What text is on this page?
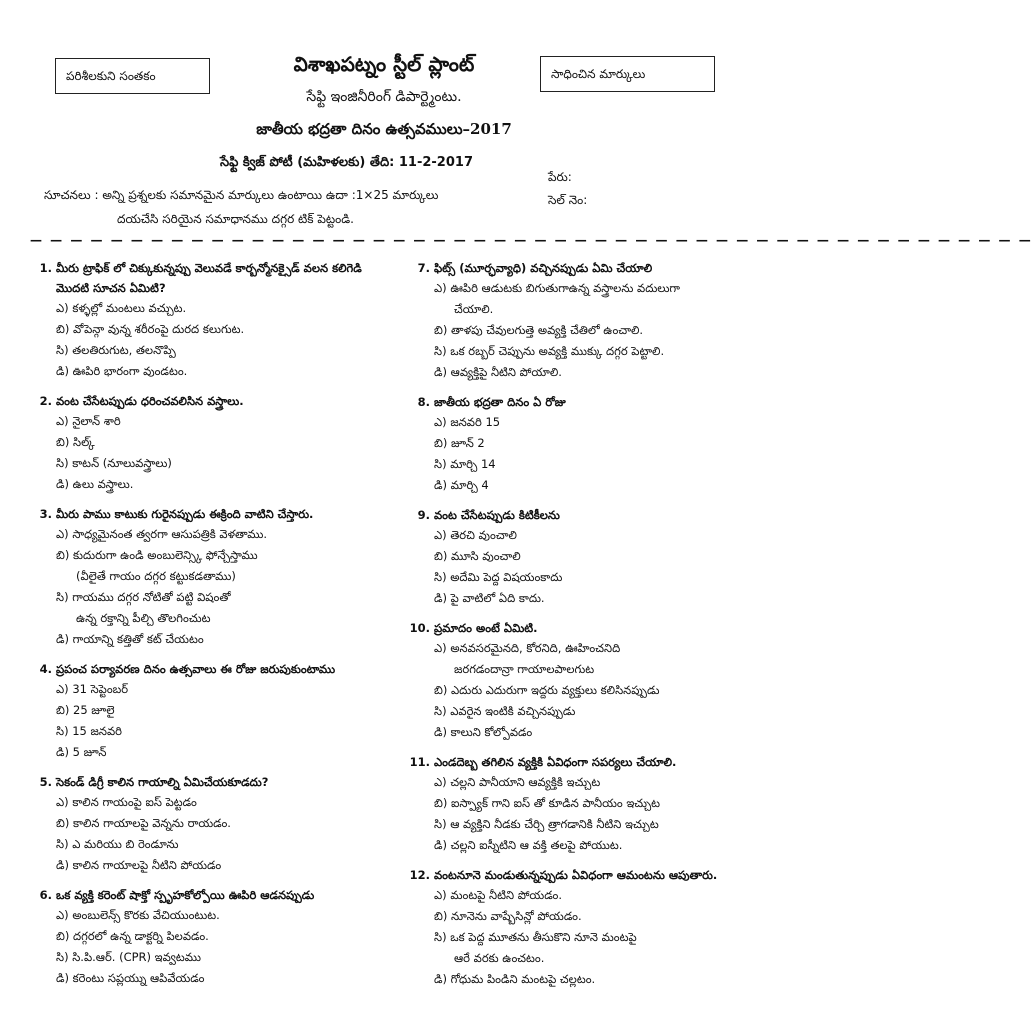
పరిశీలకుని సంతకం	సాధించిన మార్కులు
విశాఖపట్నం స్టీల్ ప్లాంట్
సేఫ్టి ఇంజినీరింగ్ డిపార్ట్మెంటు.
జాతీయ భద్రతా దినం ఉత్సవములు–2017
సేఫ్టి క్విజ్ పోటీ (మహిళలకు) తేది: 11-2-2017
పేరు:
సెల్ నెం:
సూచనలు : అన్ని ప్రశ్నలకు సమానమైన మార్కులు ఉంటాయి ఉదా :1×25 మార్కులు
దయచేసి సరియైన సమాధానము దగ్గర టిక్ పెట్టండి.
— — — — — — — — — — — — — — — — — — — — — — — — — — — — — — — — — — — — — — — — — — — — — — — — — —
1. మీరు ట్రాఫిక్ లో చిక్కుకున్నప్పు వెలువడే కార్బన్మోనక్సైడ్ వలన కలిగెడి మొదటి సూచన ఏమిటి?
ఎ) కళ్ళల్లో మంటలు వచ్చుట.
బి) వోపెన్గా వున్న శరీరంపై దురద కలుగుట.
సి) తలతిరుగుట, తలనొప్పి
డి) ఊపిరి భారంగా వుండటం.
2. వంట చేసేటప్పుడు ధరించవలిసిన వస్త్రాలు.
ఎ) నైలాన్ శారి
బి) సిల్క్
సి) కాటన్ (నూలువస్త్రాలు)
డి) ఉలు వస్త్రాలు.
3. మీరు పాము కాటుకు గురైనప్పుడు ఈక్రింది వాటిని చేస్తారు.
ఎ) సాధ్యమైనంత త్వరగా ఆసుపత్రికి వెళతాము.
బి) కుదురుగా ఉండి అంబులెన్స్కి ఫోన్చేస్తాము
(వీలైతే గాయం దగ్గర కట్టుకడతాము)
సి) గాయము దగ్గర నోటితో పట్టి విషంతో
ఉన్న రక్తాన్ని పీల్చి తొలగించుట
డి) గాయాన్ని కత్తితో కట్ చేయటం
4. ప్రపంచ పర్యావరణ దినం ఉత్సవాలు ఈ రోజు జరుపుకుంటాము
ఎ) 31 సెప్టెంబర్
బి) 25 జూలై
సి) 15 జనవరి
డి) 5 జూన్
5. సెకండ్ డిగ్రీ కాలిన గాయాల్ని ఏమిచేయకూడదు?
ఎ) కాలిన గాయంపై ఐస్ పెట్టడం
బి) కాలిన గాయాలపై వెన్నను రాయడం.
సి) ఎ మరియు బి రెండూను
డి) కాలిన గాయాలపై నీటిని పోయడం
6. ఒక వ్యక్తి కరెంట్ షాక్తో స్పృహకోల్పోయి ఊపిరి ఆడనప్పుడు
ఎ) అంబులెన్స్ కొరకు వేచియుంటుట.
బి) దగ్గరలో ఉన్న డాక్టర్ని పిలవడం.
సి) సి.పి.ఆర్. (CPR) ఇవ్వటము
డి) కరెంటు సప్లయ్ను ఆపివేయడం
7. ఫిట్స్ (మూర్ఛవ్యాధి) వచ్చినప్పుడు ఏమి చేయాలి
ఎ) ఊపిరి ఆడుటకు బిగుతుగాఉన్న వస్త్రాలను వదులుగా
చేయాలి.
బి) తాళపు చేవులగుత్తె అవ్యక్తి చేతిలో ఉంచాలి.
సి) ఒక రబ్బర్ చెప్పును అవ్యక్తి ముక్కు దగ్గర పెట్టాలి.
డి) ఆవ్యక్తిపై నీటిని పోయాలి.
8. జాతీయ భద్రతా దినం ఏ రోజు
ఎ) జనవరి 15
బి) జూన్ 2
సి) మార్చి 14
డి) మార్చి 4
9. వంట చేసేటప్పుడు కిటికీలను
ఎ) తెరచి వుంచాలి
బి) మూసి వుంచాలి
సి) అదేమి పెద్ద విషయంకాదు
డి) పై వాటిలో ఏది కాదు.
10. ప్రమాదం అంటే ఏమిటి.
ఎ) అనవసరమైనది, కోరనిది, ఊహించనిది
జరగడందాన్రా గాయాలపాలగుట
బి) ఎదురు ఎదురుగా ఇద్దరు వ్యక్తులు కలిసినప్పుడు
సి) ఎవరైన ఇంటికి వచ్చినప్పుడు
డి) కాలుని కోల్పోవడం
11. ఎండదెబ్బ తగిలిన వ్యక్తికి ఏవిధంగా సపర్యలు చేయాలి.
ఎ) చల్లని పానీయాని ఆవ్యక్తికి ఇచ్చుట
బి) ఐస్ప్యాక్ గాని ఐస్ తో కూడిన పానీయం ఇచ్చుట
సి) ఆ వ్యక్తిని నీడకు చేర్చి త్రాగడానికి నీటిని ఇచ్చుట
డి) చల్లని ఐస్నీటిని ఆ వక్తి తలపై పోయుట.
12. వంటనూనె మండుతున్నప్పుడు ఏవిధంగా ఆమంటను ఆపుతారు.
ఎ) మంటపై నీటిని పోయడం.
బి) నూనెను వాష్బేసిన్లో పోయడం.
సి) ఒక పెద్ద మూతను తీసుకొని నూనె మంటపై
ఆరే వరకు ఉంచటం.
డి) గోధుమ పిండిని మంటపై చల్లటం.
